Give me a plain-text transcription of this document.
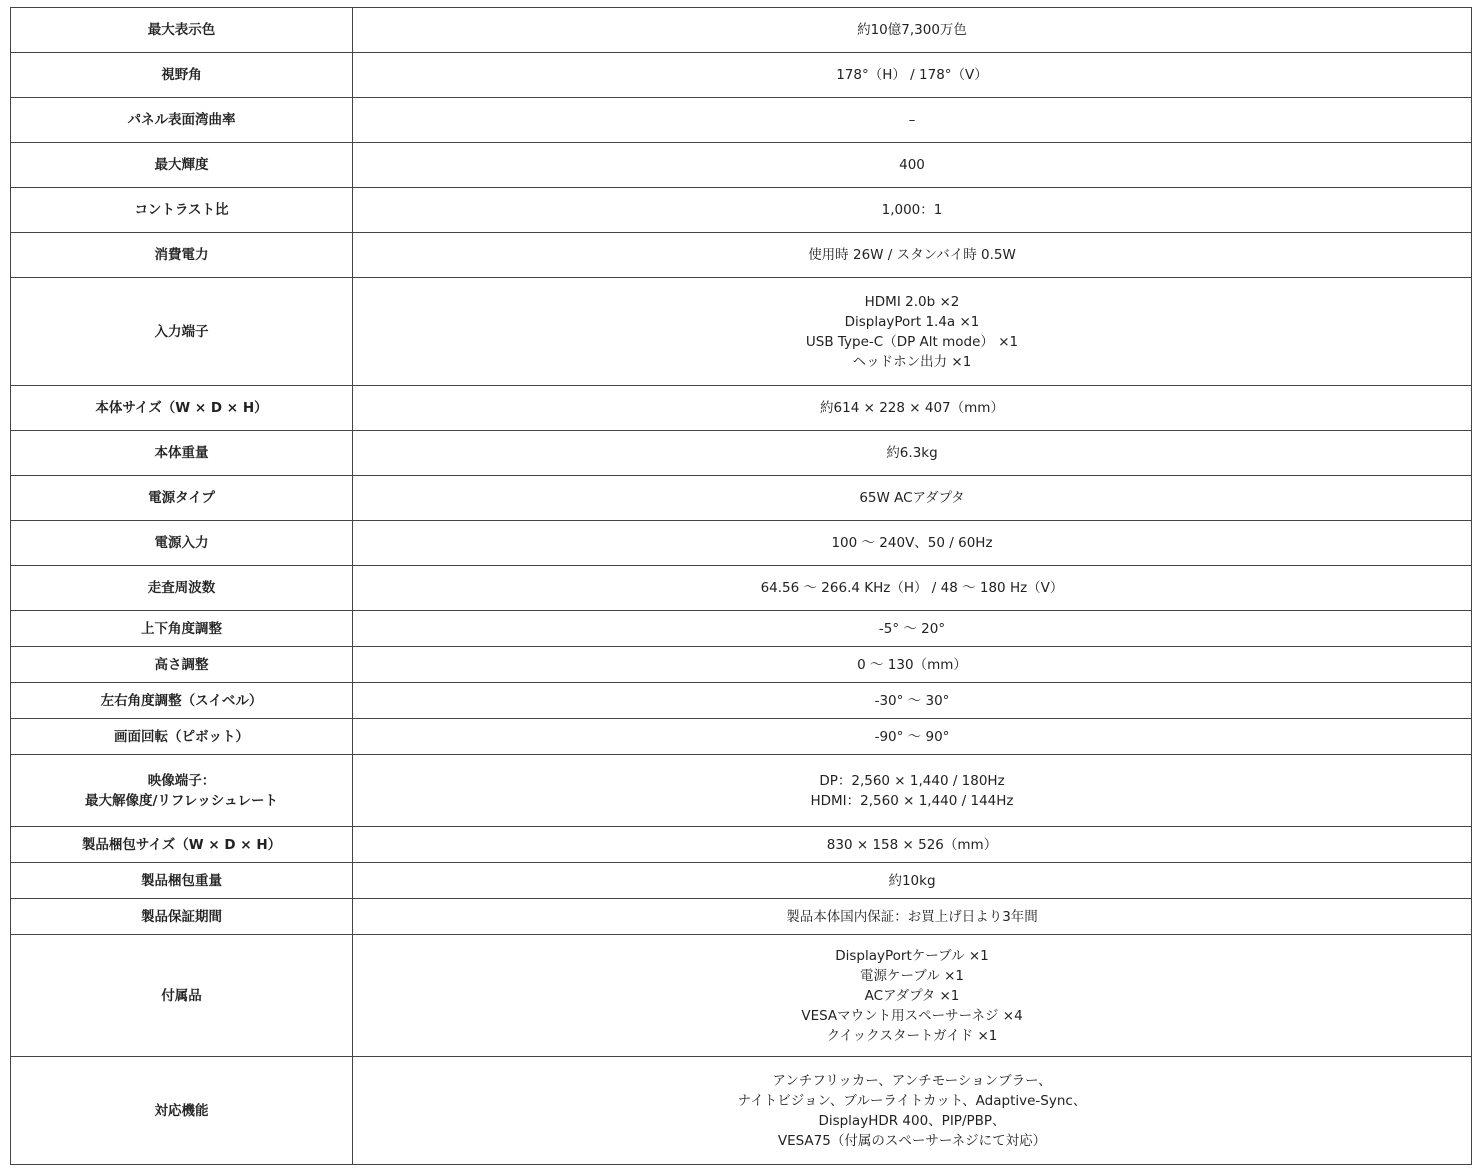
最大表示色	約10億7,300万色

視野角	178°（H） / 178°（V）

パネル表面湾曲率	–

最大輝度	400

コントラスト比	1,000：1

消費電力	使用時 26W / スタンバイ時 0.5W

入力端子	HDMI 2.0b ×2
DisplayPort 1.4a ×1
USB Type-C（DP Alt mode） ×1
ヘッドホン出力 ×1

本体サイズ（W × D × H）	約614 × 228 × 407（mm）

本体重量	約6.3kg

電源タイプ	65W ACアダプタ

電源入力	100 ～ 240V、50 / 60Hz

走査周波数	64.56 ～ 266.4 KHz（H） / 48 ～ 180 Hz（V）

上下角度調整	-5° ～ 20°

高さ調整	0 ～ 130（mm）

左右角度調整（スイベル）	-30° ～ 30°

画面回転（ピボット）	-90° ～ 90°

映像端子：
最大解像度/リフレッシュレート	DP：2,560 × 1,440 / 180Hz
HDMI：2,560 × 1,440 / 144Hz

製品梱包サイズ（W × D × H）	830 × 158 × 526（mm）

製品梱包重量	約10kg

製品保証期間	製品本体国内保証：お買上げ日より3年間

付属品	DisplayPortケーブル ×1
電源ケーブル ×1
ACアダプタ ×1
VESAマウント用スペーサーネジ ×4
クイックスタートガイド ×1

対応機能	アンチフリッカー、アンチモーションブラー、
ナイトビジョン、ブルーライトカット、Adaptive-Sync、
DisplayHDR 400、PIP/PBP、
VESA75（付属のスペーサーネジにて対応）
